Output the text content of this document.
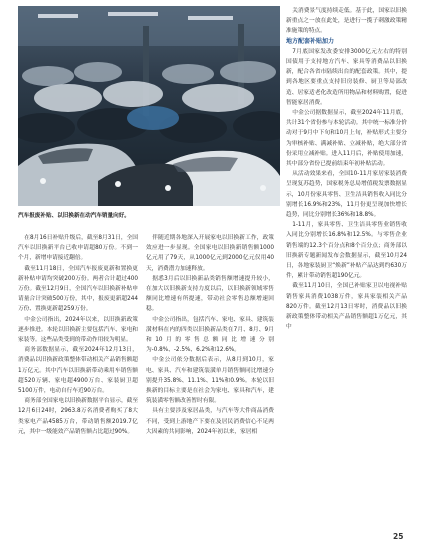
汽车报废补贴、以旧换新在动汽车销量向好。

在8月16日补贴升级后，截至8月31日，全国汽车以旧换新平台已收申请超80万份。不到一个月，新增申请接近翻倍。

截至11月18日，全国汽车报废更新和置换更新补贴申请均突破200万份。两者合计超过400万份。截至12月9日，全国汽车以旧换新补贴申请量合计突破500万份，其中，报废更新超244万份、置换更新超259万份。

中金公司指出，2024年以来，以旧换新政策逐步推进。本轮以旧换新主要包括汽车、家电和家装等。这些品类受到的带动作用较为明显。

商务部数据显示，截至2024年12月13日，消费品以旧换新政策整体带动相关产品销售额超1万亿元。其中汽车以旧换新带动乘用车销售额超520万辆、家电超4900万台、家装厨卫超5100万件，电动自行车近90万台。

商务部全国家电以旧换新数据平台显示，截至12月6日24时，2963.8万名消费者购买了8大类家电产品4585万台，带动销售额2019.7亿元，其中一级能效产品销售额占比超过90%。

伴随近期各地深入开展家电以旧换新工作，政策效应进一步显现。全国家电以旧换新销售额1000亿元用了79天，从1000亿元到2000亿元仅用40天，消费潜力加速释放。

据悉3月后以旧换新品类销售额增速提升较小，在加大以旧换新支持力度以后，以旧换新领域零售额同比增速有所提速，带动社会零售总额增速回稳。

中金公司指出，包括汽车、家电、家具、建筑装潢材料在内的四类以旧换新品类在7月、8月、9月和10月的零售总额同比增速分别为-0.8%、-2.5%、6.2%和12.6%。

中金公司依分数据后表示，从8月到10月，家电、家具、汽车和建筑装潢单月销售额同比增速分别提升35.8%、11.1%、11%和0.9%。本轮以旧换新的目标主要是在社会为家电、家具和汽车，建筑装潢零售额改善暂时有限。

具有主要涉及家居品类，与汽车等大件商品消费不同，受到上游地产下要在及居民消费信心不足两大因素的共同影响，2024年初以来，家居相

关消费景气度持续走低。基于此，国家以旧换新重点之一放在此处，是进行一揽子刺激政策精准施策的特点。

地方配套补贴加力

7月底国家发改委安排3000亿元左右的特别国债用于支持地方汽车、家具等消费品以旧换新，配合各省市陆续出台的配套政策。其中，提到各地区要重点支持旧房装修、厨卫等局部改造、居家适老化改造所用物品和材料购置，促进智能家居消费。

中金公司据数据显示，截至2024年11月底，共计31个省份参与本轮活动。其中统一标准分价动对于9月中下旬和10月上旬，补贴形式主要分为审核补贴、满减补贴、立减补贴，绝大部分省份采用立减补贴。进入11月后，补贴使用加速，其中部分省份已提前结束年初补贴活动。

从活动效果来看，全国10-11月家居家装消费呈现复苏趋势，国家税务总局增值税发票数据显示，10月份家具零售、卫生洁具销售收入同比分别增长16.9%和23%，11月份更呈现加快增长趋势，同比分别增长36%和18.8%。

1-11月，家具零售、卫生洁具零售业销售收入同比分别增长16.8%和12.5%。与零售企业销售端的12.3个百分点和8个百分点；商务部以旧换新专题新闻发布会数据显示，截至10月24日，各地家装厨卫“焕新”补贴产品达到约630万件，累计带动销售超190亿元。

截至11月10日，全国已补贴家卫以电视补贴销售家具消费1038万件，家具家装相关产品820万件。截至12月13日零时，消费品以旧换新政策整体带动相关产品销售额超1万亿元，其中

25
